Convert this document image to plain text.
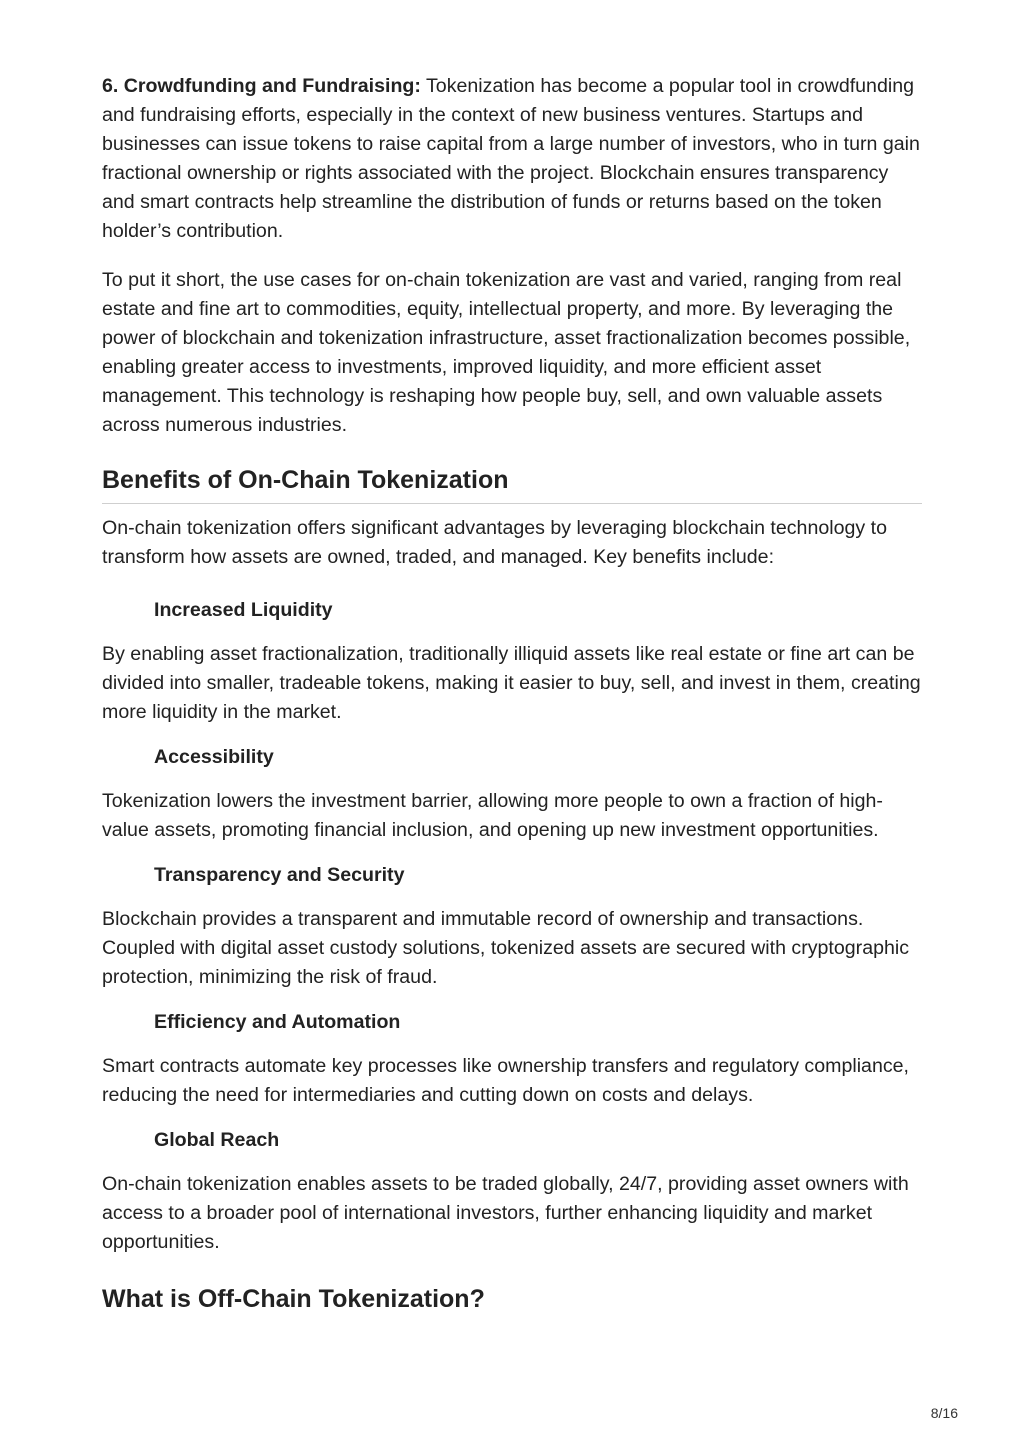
6. Crowdfunding and Fundraising: Tokenization has become a popular tool in crowdfunding and fundraising efforts, especially in the context of new business ventures. Startups and businesses can issue tokens to raise capital from a large number of investors, who in turn gain fractional ownership or rights associated with the project. Blockchain ensures transparency and smart contracts help streamline the distribution of funds or returns based on the token holder’s contribution.

To put it short, the use cases for on-chain tokenization are vast and varied, ranging from real estate and fine art to commodities, equity, intellectual property, and more. By leveraging the power of blockchain and tokenization infrastructure, asset fractionalization becomes possible, enabling greater access to investments, improved liquidity, and more efficient asset management. This technology is reshaping how people buy, sell, and own valuable assets across numerous industries.

Benefits of On-Chain Tokenization

On-chain tokenization offers significant advantages by leveraging blockchain technology to transform how assets are owned, traded, and managed. Key benefits include:

Increased Liquidity

By enabling asset fractionalization, traditionally illiquid assets like real estate or fine art can be divided into smaller, tradeable tokens, making it easier to buy, sell, and invest in them, creating more liquidity in the market.

Accessibility

Tokenization lowers the investment barrier, allowing more people to own a fraction of high-value assets, promoting financial inclusion, and opening up new investment opportunities.

Transparency and Security

Blockchain provides a transparent and immutable record of ownership and transactions. Coupled with digital asset custody solutions, tokenized assets are secured with cryptographic protection, minimizing the risk of fraud.

Efficiency and Automation

Smart contracts automate key processes like ownership transfers and regulatory compliance, reducing the need for intermediaries and cutting down on costs and delays.

Global Reach

On-chain tokenization enables assets to be traded globally, 24/7, providing asset owners with access to a broader pool of international investors, further enhancing liquidity and market opportunities.

What is Off-Chain Tokenization?
8/16
